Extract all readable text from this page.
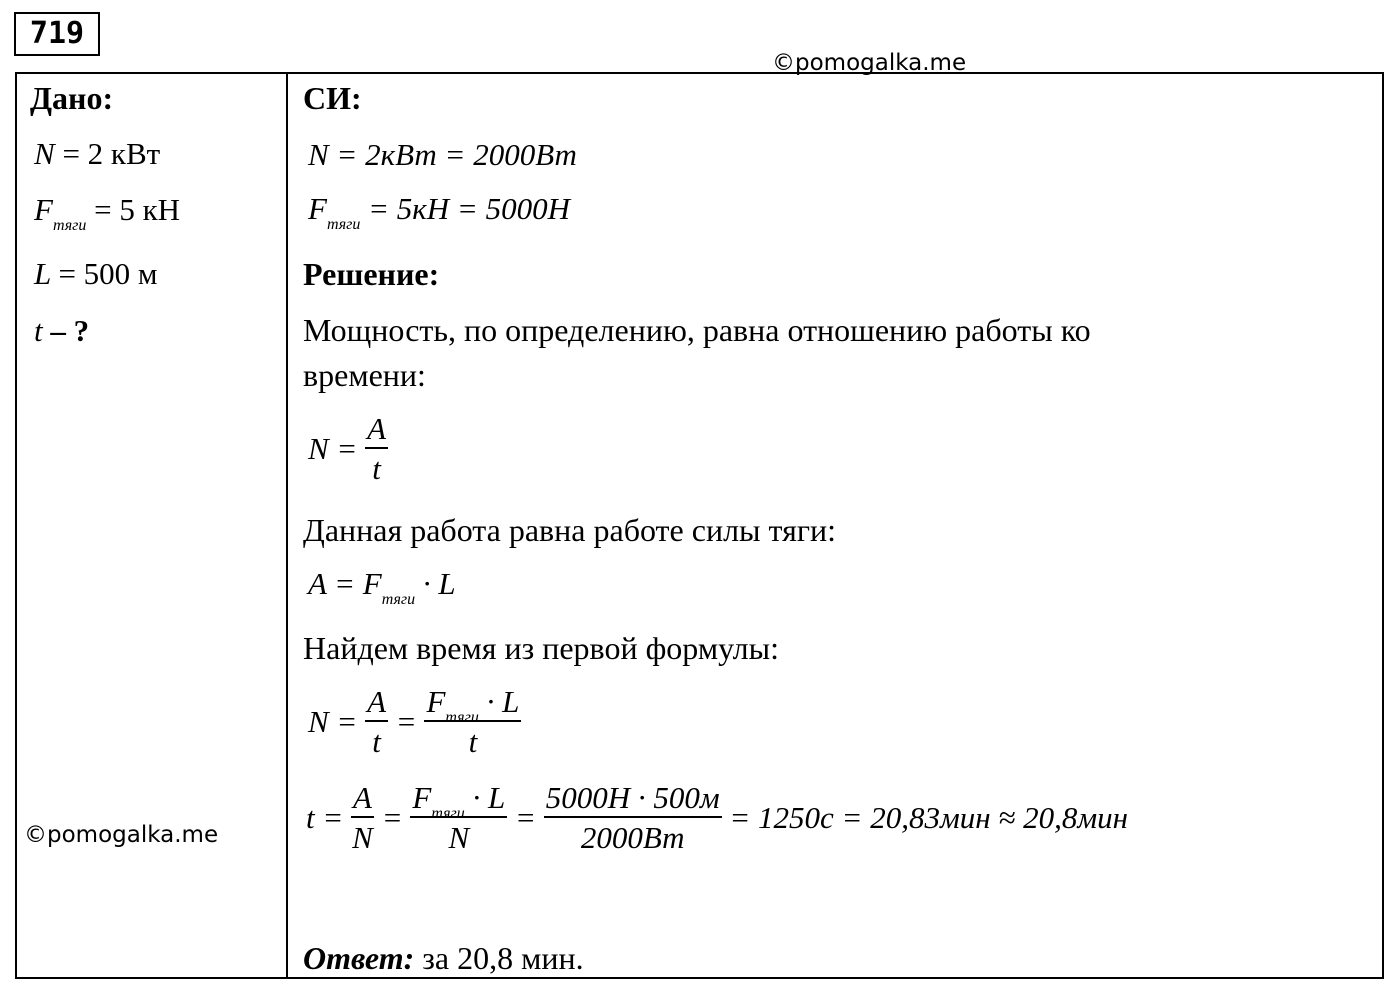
719
©pomogalka.me
Дано:
N = 2 кВт
$F_{тяги} = 5$ кН
L = 500 м
t – ?
©pomogalka.me
СИ:
N = 2кВт = 2000Вт
$F_{тяги} = 5кН = 5000Н$
Решение:
Мощность, по определению, равна отношению работы ко
времени:
$N = \frac{A}{t}$
Данная работа равна работе силы тяги:
$A = F_{тяги} \cdot L$
Найдем время из первой формулы:
$N = \frac{A}{t} = \frac{F_{тяги} \cdot L}{t}$
$t = \frac{A}{N} = \frac{F_{тяги} \cdot L}{N} = \frac{5000Н \cdot 500м}{2000Вт} = 1250с = 20,83мин \approx 20,8мин$
Ответ: за 20,8 мин.
